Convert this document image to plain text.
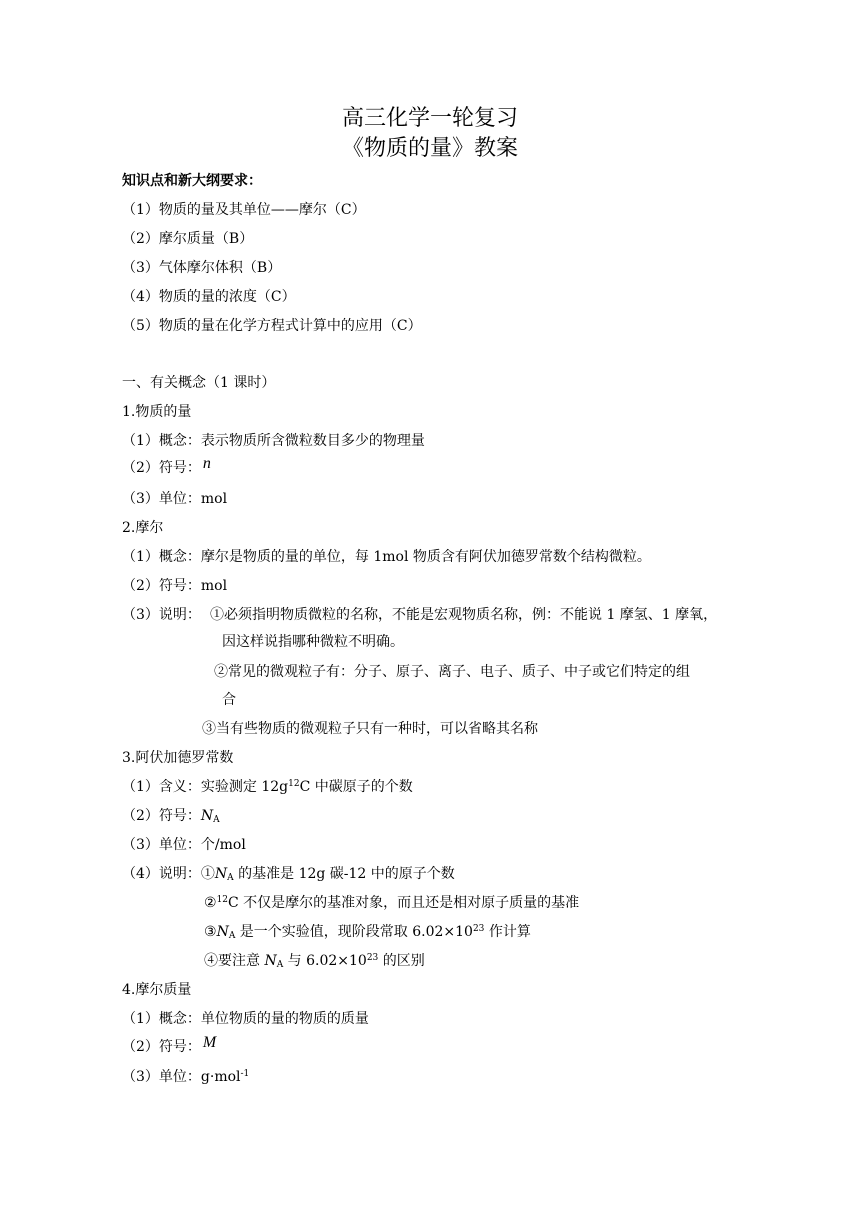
高三化学一轮复习
《物质的量》教案
知识点和新大纲要求：
（1）物质的量及其单位——摩尔（C）
（2）摩尔质量（B）
（3）气体摩尔体积（B）
（4）物质的量的浓度（C）
（5）物质的量在化学方程式计算中的应用（C）
一、有关概念（1 课时）
1.物质的量
（1）概念：表示物质所含微粒数目多少的物理量
（2）符号： n
（3）单位：mol
2.摩尔
（1）概念：摩尔是物质的量的单位，每 1mol 物质含有阿伏加德罗常数个结构微粒。
（2）符号：mol
（3）说明： ①必须指明物质微粒的名称，不能是宏观物质名称，例：不能说 1 摩氢、1 摩氧，
因这样说指哪种微粒不明确。
②常见的微观粒子有：分子、原子、离子、电子、质子、中子或它们特定的组
合
③当有些物质的微观粒子只有一种时，可以省略其名称
3.阿伏加德罗常数
（1）含义：实验测定 $12g^{12}C$ 中碳原子的个数
（2）符号：$N_A$
（3）单位：个/mol
（4）说明：$①N_A$ 的基准是 12g 碳-12 中的原子个数
②$^{12}$C 不仅是摩尔的基准对象，而且还是相对原子质量的基准
$③N_A$ 是一个实验值，现阶段常取 $6.02\times 10^{23}$ 作计算
④要注意 $N_A$ 与 $6.02\times 10^{23}$ 的区别
4.摩尔质量
（1）概念：单位物质的量的物质的质量
（2）符号： M
（3）单位：g·mol$^{-1}$
